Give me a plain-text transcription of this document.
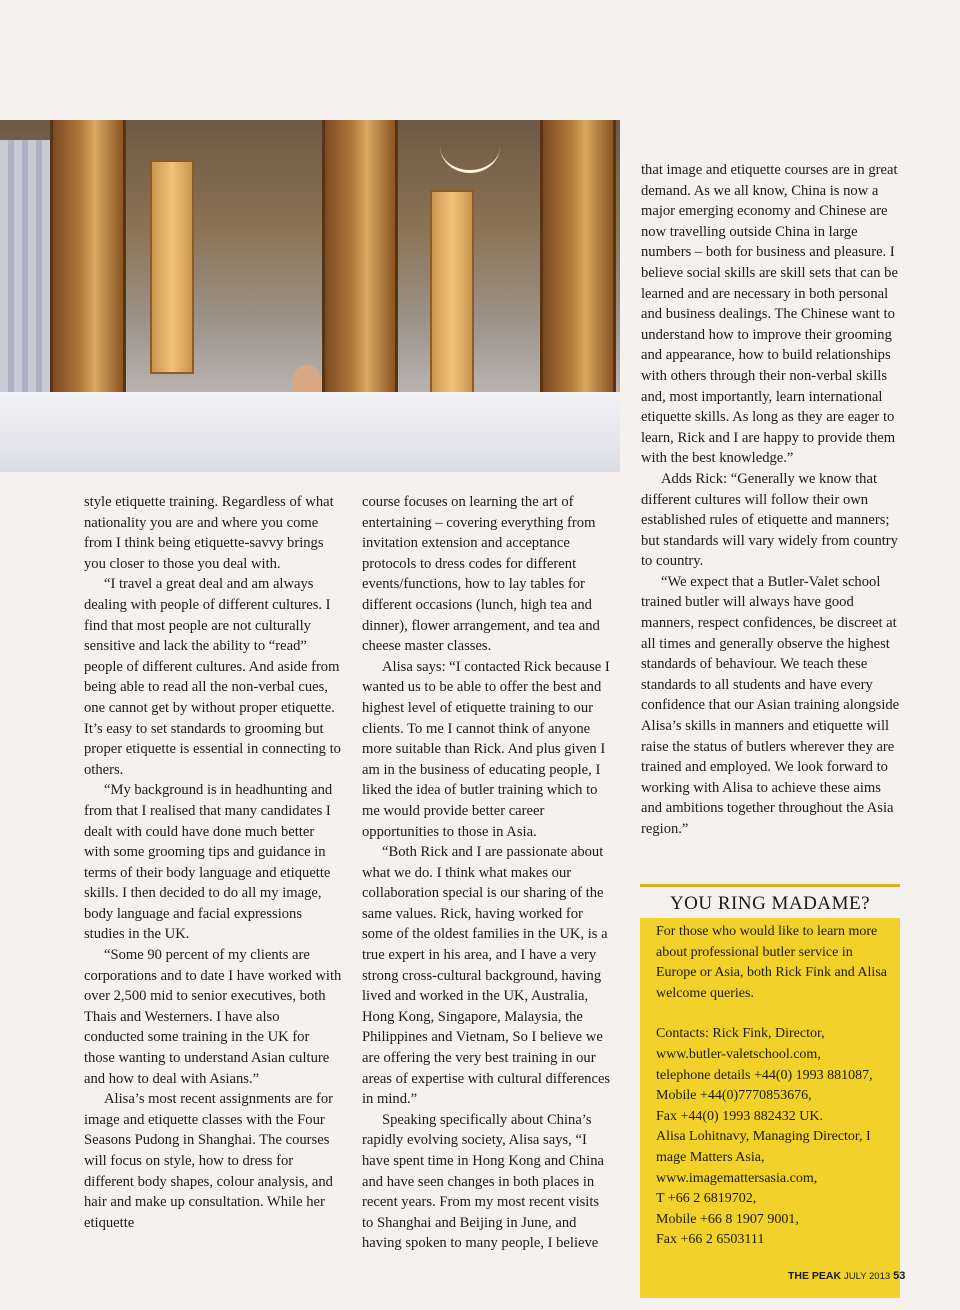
style etiquette training. Regardless of what nationality you are and where you come from I think being etiquette-savvy brings you closer to those you deal with.

“I travel a great deal and am always dealing with people of different cultures. I find that most people are not culturally sensitive and lack the ability to “read” people of different cultures. And aside from being able to read all the non-verbal cues, one cannot get by without proper etiquette. It’s easy to set standards to grooming but proper etiquette is essential in connecting to others.

“My background is in headhunting and from that I realised that many candidates I dealt with could have done much better with some grooming tips and guidance in terms of their body language and etiquette skills. I then decided to do all my image, body language and facial expressions studies in the UK.

“Some 90 percent of my clients are corporations and to date I have worked with over 2,500 mid to senior executives, both Thais and Westerners. I have also conducted some training in the UK for those wanting to understand Asian culture and how to deal with Asians.”

Alisa’s most recent assignments are for image and etiquette classes with the Four Seasons Pudong in Shanghai. The courses will focus on style, how to dress for different body shapes, colour analysis, and hair and make up consultation. While her etiquette

course focuses on learning the art of entertaining – covering everything from invitation extension and acceptance protocols to dress codes for different events/functions, how to lay tables for different occasions (lunch, high tea and dinner), flower arrangement, and tea and cheese master classes.

Alisa says: “I contacted Rick because I wanted us to be able to offer the best and highest level of etiquette training to our clients. To me I cannot think of anyone more suitable than Rick. And plus given I am in the business of educating people, I liked the idea of butler training which to me would provide better career opportunities to those in Asia.

“Both Rick and I are passionate about what we do. I think what makes our collaboration special is our sharing of the same values. Rick, having worked for some of the oldest families in the UK, is a true expert in his area, and I have a very strong cross-cultural background, having lived and worked in the UK, Australia, Hong Kong, Singapore, Malaysia, the Philippines and Vietnam, So I believe we are offering the very best training in our areas of expertise with cultural differences in mind.”

Speaking specifically about China’s rapidly evolving society, Alisa says, “I have spent time in Hong Kong and China and have seen changes in both places in recent years. From my most recent visits to Shanghai and Beijing in June, and having spoken to many people, I believe

that image and etiquette courses are in great demand. As we all know, China is now a major emerging economy and Chinese are now travelling outside China in large numbers – both for business and pleasure. I believe social skills are skill sets that can be learned and are necessary in both personal and business dealings. The Chinese want to understand how to improve their grooming and appearance, how to build relationships with others through their non-verbal skills and, most importantly, learn international etiquette skills. As long as they are eager to learn, Rick and I are happy to provide them with the best knowledge.”

Adds Rick: “Generally we know that different cultures will follow their own established rules of etiquette and manners; but standards will vary widely from country to country.

“We expect that a Butler-Valet school trained butler will always have good manners, respect confidences, be discreet at all times and generally observe the highest standards of behaviour. We teach these standards to all students and have every confidence that our Asian training alongside Alisa’s skills in manners and etiquette will raise the status of butlers wherever they are trained and employed. We look forward to working with Alisa to achieve these aims and ambitions together throughout the Asia region.”

YOU RING MADAME?

For those who would like to learn more about professional butler service in Europe or Asia, both Rick Fink and Alisa welcome queries.

Contacts: Rick Fink, Director,
www.butler-valetschool.com,
telephone details +44(0) 1993 881087,
Mobile +44(0)7770853676,
Fax +44(0) 1993 882432 UK.
Alisa Lohitnavy, Managing Director, I
mage Matters Asia,
www.imagemattersasia.com,
T +66 2 6819702,
Mobile +66 8 1907 9001,
Fax +66 2 6503111
THE PEAK JULY 2013 53
